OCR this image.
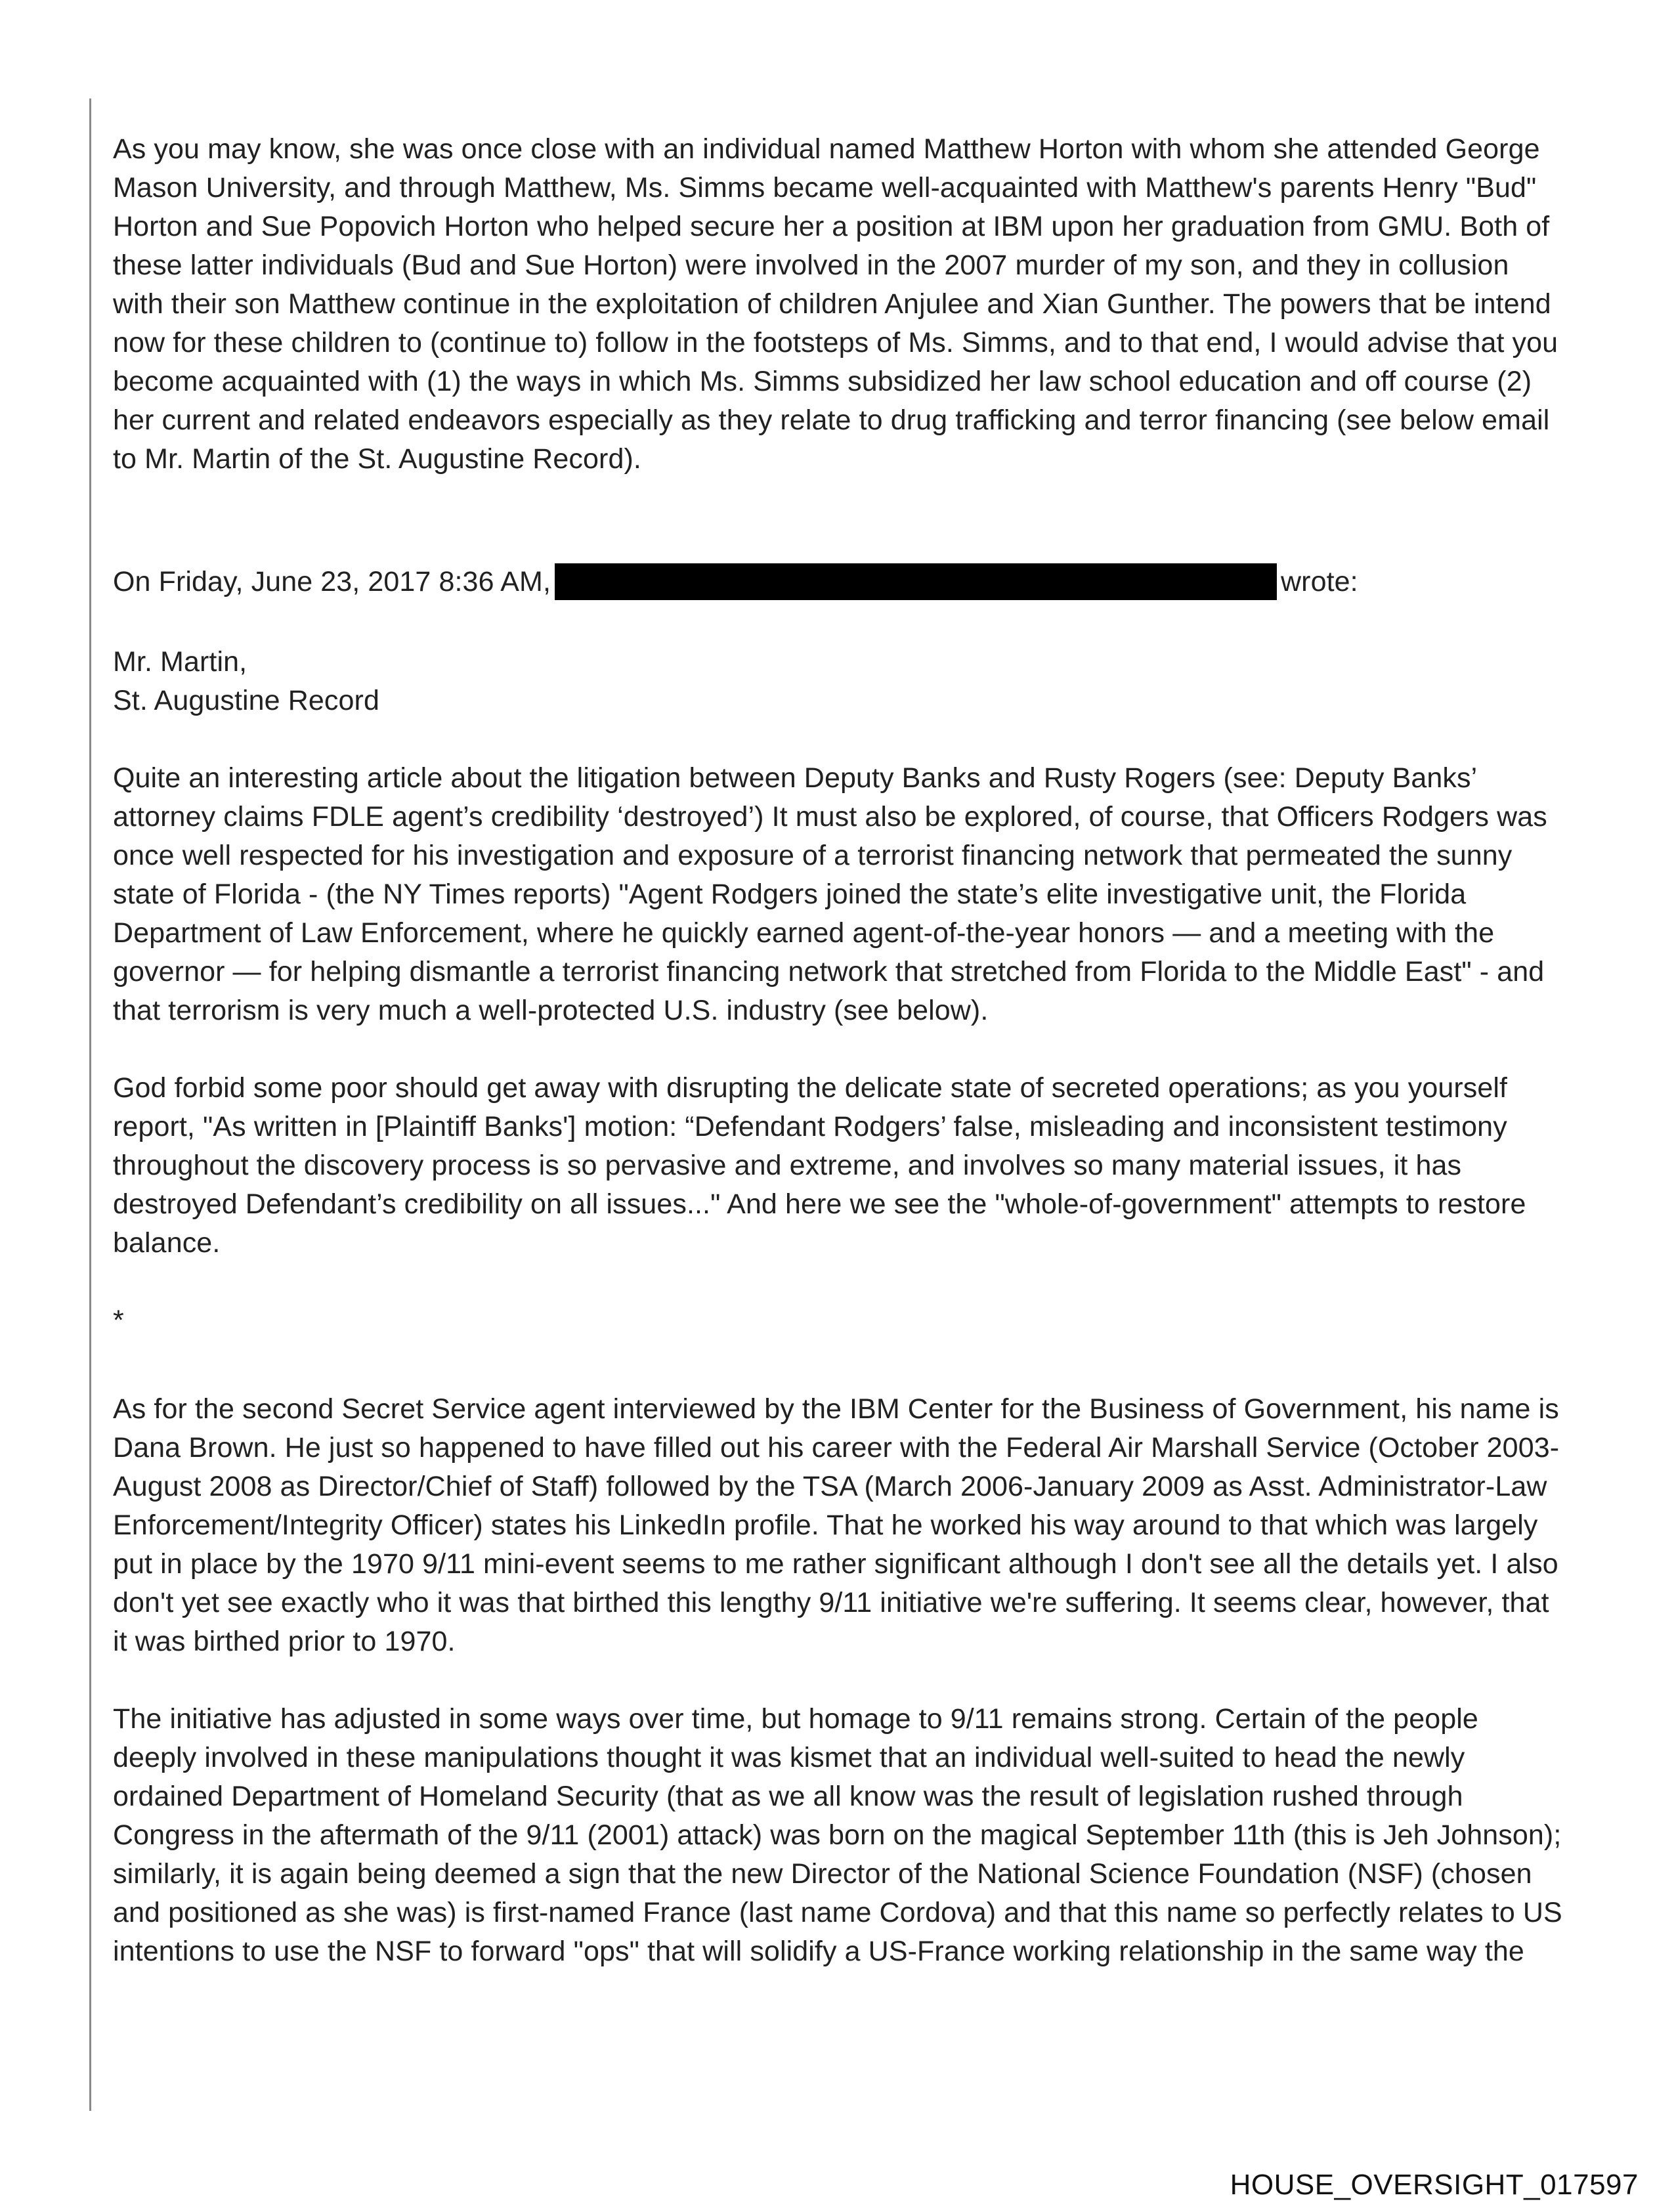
As you may know, she was once close with an individual named Matthew Horton with whom she attended George Mason University, and through Matthew, Ms. Simms became well-acquainted with Matthew's parents Henry "Bud" Horton and Sue Popovich Horton who helped secure her a position at IBM upon her graduation from GMU. Both of these latter individuals (Bud and Sue Horton) were involved in the 2007 murder of my son, and they in collusion with their son Matthew continue in the exploitation of children Anjulee and Xian Gunther. The powers that be intend now for these children to (continue to) follow in the footsteps of Ms. Simms, and to that end, I would advise that you become acquainted with (1) the ways in which Ms. Simms subsidized her law school education and off course (2) her current and related endeavors especially as they relate to drug trafficking and terror financing (see below email to Mr. Martin of the St. Augustine Record).

On Friday, June 23, 2017 8:36 AM,	wrote:

Mr. Martin,
St. Augustine Record

Quite an interesting article about the litigation between Deputy Banks and Rusty Rogers (see: Deputy Banks’ attorney claims FDLE agent’s credibility ‘destroyed’) It must also be explored, of course, that Officers Rodgers was once well respected for his investigation and exposure of a terrorist financing network that permeated the sunny state of Florida - (the NY Times reports) "Agent Rodgers joined the state’s elite investigative unit, the Florida Department of Law Enforcement, where he quickly earned agent-of-the-year honors — and a meeting with the governor — for helping dismantle a terrorist financing network that stretched from Florida to the Middle East" - and that terrorism is very much a well-protected U.S. industry (see below).

God forbid some poor should get away with disrupting the delicate state of secreted operations; as you yourself report, "As written in [Plaintiff Banks'] motion: “Defendant Rodgers’ false, misleading and inconsistent testimony throughout the discovery process is so pervasive and extreme, and involves so many material issues, it has destroyed Defendant’s credibility on all issues..." And here we see the "whole-of-government" attempts to restore balance.

*

As for the second Secret Service agent interviewed by the IBM Center for the Business of Government, his name is Dana Brown. He just so happened to have filled out his career with the Federal Air Marshall Service (October 2003-August 2008 as Director/Chief of Staff) followed by the TSA (March 2006-January 2009 as Asst. Administrator-Law Enforcement/Integrity Officer) states his LinkedIn profile. That he worked his way around to that which was largely put in place by the 1970 9/11 mini-event seems to me rather significant although I don't see all the details yet. I also don't yet see exactly who it was that birthed this lengthy 9/11 initiative we're suffering. It seems clear, however, that it was birthed prior to 1970.

The initiative has adjusted in some ways over time, but homage to 9/11 remains strong. Certain of the people deeply involved in these manipulations thought it was kismet that an individual well-suited to head the newly ordained Department of Homeland Security (that as we all know was the result of legislation rushed through Congress in the aftermath of the 9/11 (2001) attack) was born on the magical September 11th (this is Jeh Johnson); similarly, it is again being deemed a sign that the new Director of the National Science Foundation (NSF) (chosen and positioned as she was) is first-named France (last name Cordova) and that this name so perfectly relates to US intentions to use the NSF to forward "ops" that will solidify a US-France working relationship in the same way the

HOUSE_OVERSIGHT_017597
